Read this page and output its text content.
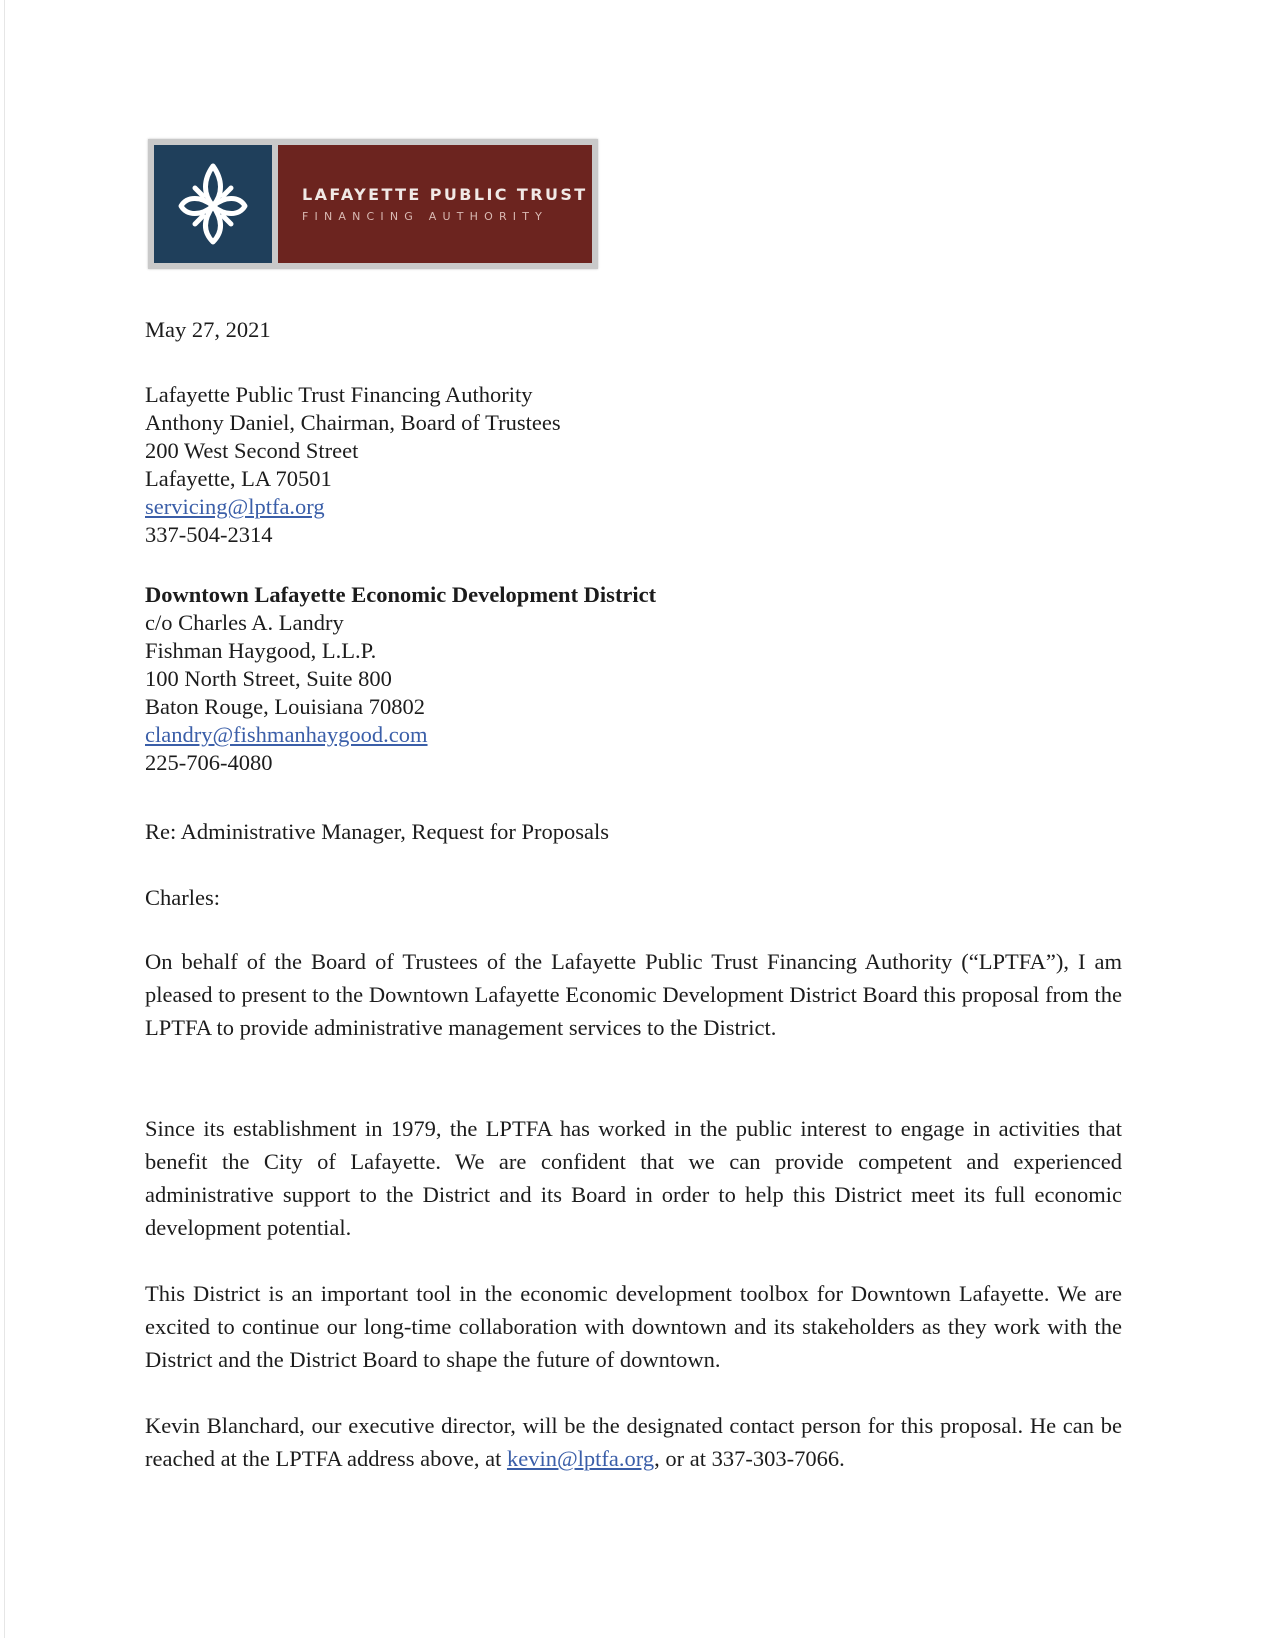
LAFAYETTE PUBLIC TRUST
FINANCING AUTHORITY
May 27, 2021
Lafayette Public Trust Financing Authority
Anthony Daniel, Chairman, Board of Trustees
200 West Second Street
Lafayette, LA 70501
servicing@lptfa.org
337-504-2314
Downtown Lafayette Economic Development District
c/o Charles A. Landry
Fishman Haygood, L.L.P.
100 North Street, Suite 800
Baton Rouge, Louisiana 70802
clandry@fishmanhaygood.com
225-706-4080
Re: Administrative Manager, Request for Proposals
Charles:
On behalf of the Board of Trustees of the Lafayette Public Trust Financing Authority (“LPTFA”), I am pleased to present to the Downtown Lafayette Economic Development District Board this proposal from the LPTFA to provide administrative management services to the District.
Since its establishment in 1979, the LPTFA has worked in the public interest to engage in activities that benefit the City of Lafayette. We are confident that we can provide competent and experienced administrative support to the District and its Board in order to help this District meet its full economic development potential.
This District is an important tool in the economic development toolbox for Downtown Lafayette. We are excited to continue our long-time collaboration with downtown and its stakeholders as they work with the District and the District Board to shape the future of downtown.
Kevin Blanchard, our executive director, will be the designated contact person for this proposal. He can be reached at the LPTFA address above, at kevin@lptfa.org, or at 337-303-7066.
